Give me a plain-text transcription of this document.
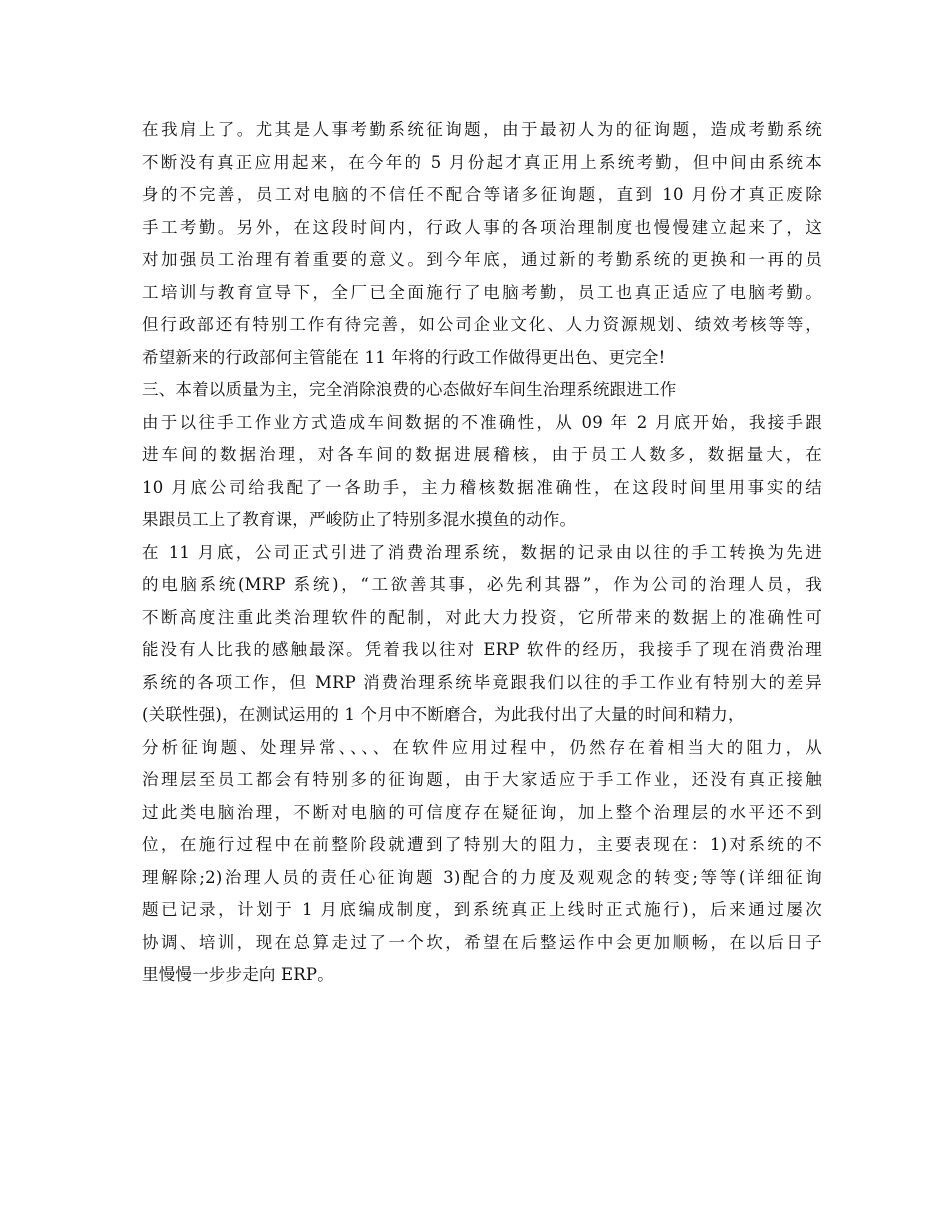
在我肩上了。尤其是人事考勤系统征询题，由于最初人为的征询题，造成考勤系统
不断没有真正应用起来，在今年的 5 月份起才真正用上系统考勤，但中间由系统本
身的不完善，员工对电脑的不信任不配合等诸多征询题，直到 10 月份才真正废除
手工考勤。另外，在这段时间内，行政人事的各项治理制度也慢慢建立起来了，这
对加强员工治理有着重要的意义。到今年底，通过新的考勤系统的更换和一再的员
工培训与教育宣导下，全厂已全面施行了电脑考勤，员工也真正适应了电脑考勤。
但行政部还有特别工作有待完善，如公司企业文化、人力资源规划、绩效考核等等，
希望新来的行政部何主管能在 11 年将的行政工作做得更出色、更完全!
三、本着以质量为主，完全消除浪费的心态做好车间生治理系统跟进工作
由于以往手工作业方式造成车间数据的不准确性，从 09 年 2 月底开始，我接手跟
进车间的数据治理，对各车间的数据进展稽核，由于员工人数多，数据量大，在
10 月底公司给我配了一各助手，主力稽核数据准确性，在这段时间里用事实的结
果跟员工上了教育课，严峻防止了特别多混水摸鱼的动作。
在 11 月底，公司正式引进了消费治理系统，数据的记录由以往的手工转换为先进
的电脑系统(MRP 系统)，“工欲善其事，必先利其器”，作为公司的治理人员，我
不断高度注重此类治理软件的配制，对此大力投资，它所带来的数据上的准确性可
能没有人比我的感触最深。凭着我以往对 ERP 软件的经历，我接手了现在消费治理
系统的各项工作，但 MRP 消费治理系统毕竟跟我们以往的手工作业有特别大的差异
(关联性强)，在测试运用的 1 个月中不断磨合，为此我付出了大量的时间和精力，
分析征询题、处理异常、、、、在软件应用过程中，仍然存在着相当大的阻力，从
治理层至员工都会有特别多的征询题，由于大家适应于手工作业，还没有真正接触
过此类电脑治理，不断对电脑的可信度存在疑征询，加上整个治理层的水平还不到
位，在施行过程中在前整阶段就遭到了特别大的阻力，主要表现在：1)对系统的不
理解除;2)治理人员的责任心征询题 3)配合的力度及观观念的转变;等等(详细征询
题已记录，计划于 1 月底编成制度，到系统真正上线时正式施行)，后来通过屡次
协调、培训，现在总算走过了一个坎，希望在后整运作中会更加顺畅，在以后日子
里慢慢一步步走向 ERP。
